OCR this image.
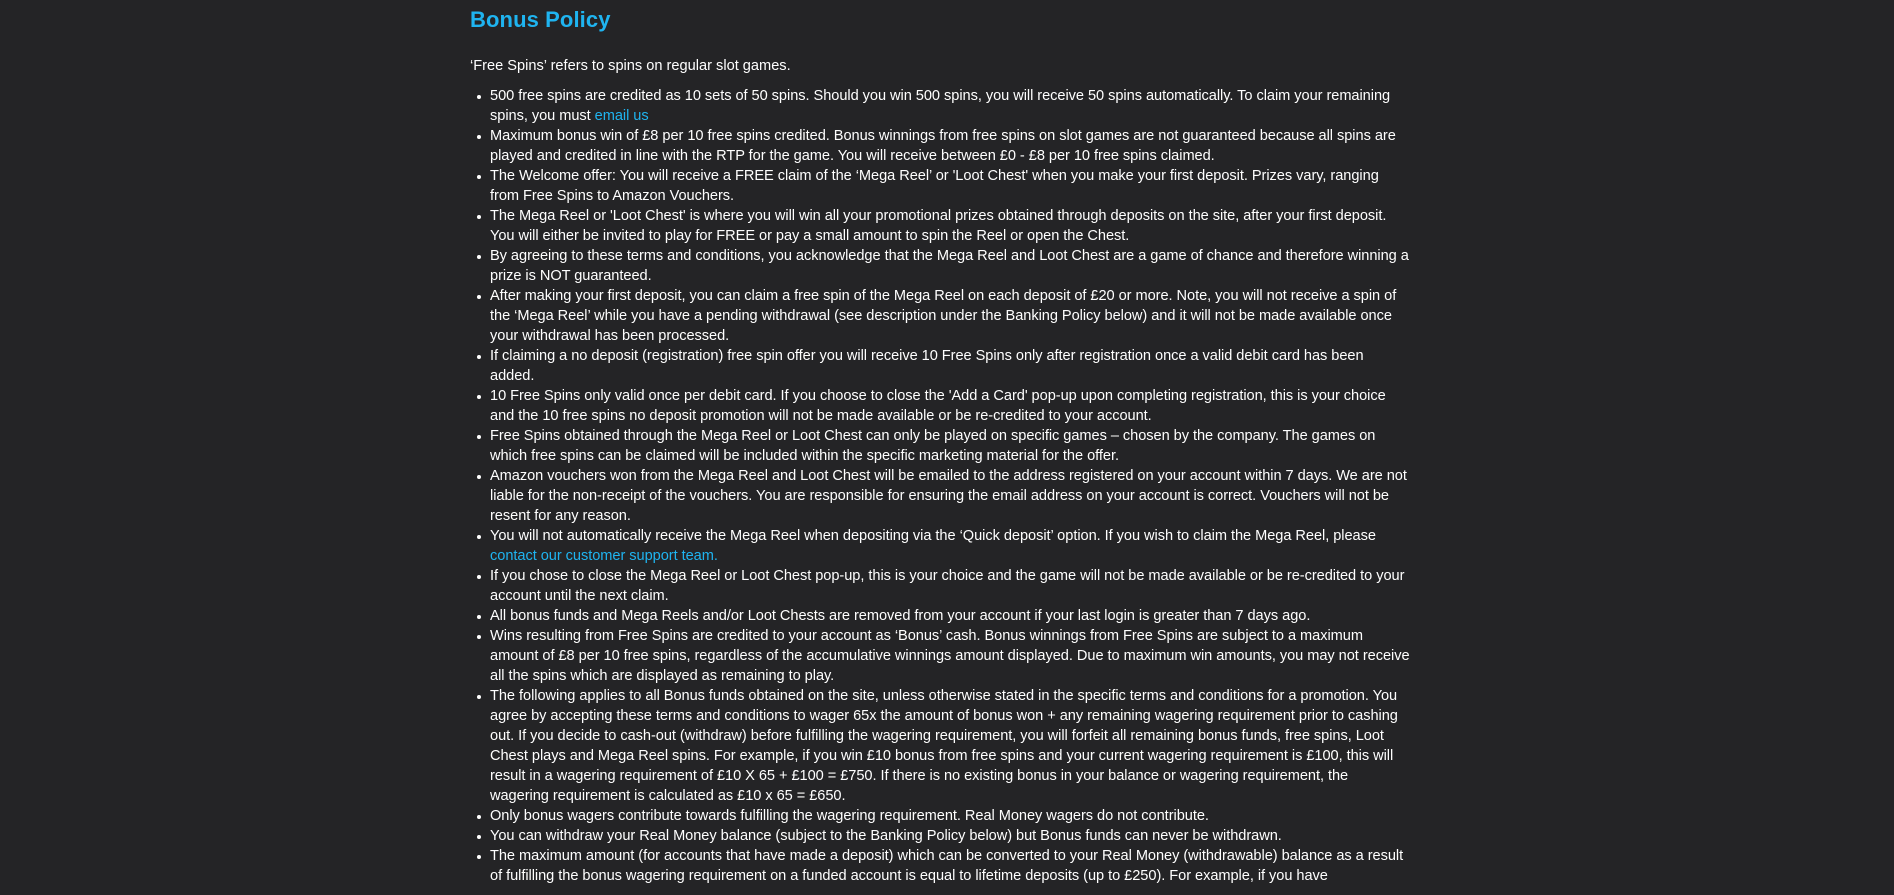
Bonus Policy

‘Free Spins’ refers to spins on regular slot games.

500 free spins are credited as 10 sets of 50 spins. Should you win 500 spins, you will receive 50 spins automatically. To claim your remaining spins, you must email us
Maximum bonus win of £8 per 10 free spins credited. Bonus winnings from free spins on slot games are not guaranteed because all spins are played and credited in line with the RTP for the game. You will receive between £0 - £8 per 10 free spins claimed.
The Welcome offer: You will receive a FREE claim of the ‘Mega Reel’ or 'Loot Chest' when you make your first deposit. Prizes vary, ranging from Free Spins to Amazon Vouchers.
The Mega Reel or 'Loot Chest' is where you will win all your promotional prizes obtained through deposits on the site, after your first deposit. You will either be invited to play for FREE or pay a small amount to spin the Reel or open the Chest.
By agreeing to these terms and conditions, you acknowledge that the Mega Reel and Loot Chest are a game of chance and therefore winning a prize is NOT guaranteed.
After making your first deposit, you can claim a free spin of the Mega Reel on each deposit of £20 or more. Note, you will not receive a spin of the ‘Mega Reel’ while you have a pending withdrawal (see description under the Banking Policy below) and it will not be made available once your withdrawal has been processed.
If claiming a no deposit (registration) free spin offer you will receive 10 Free Spins only after registration once a valid debit card has been added.
10 Free Spins only valid once per debit card. If you choose to close the 'Add a Card' pop-up upon completing registration, this is your choice and the 10 free spins no deposit promotion will not be made available or be re-credited to your account.
Free Spins obtained through the Mega Reel or Loot Chest can only be played on specific games – chosen by the company. The games on which free spins can be claimed will be included within the specific marketing material for the offer.
Amazon vouchers won from the Mega Reel and Loot Chest will be emailed to the address registered on your account within 7 days. We are not liable for the non-receipt of the vouchers. You are responsible for ensuring the email address on your account is correct. Vouchers will not be resent for any reason.
You will not automatically receive the Mega Reel when depositing via the ‘Quick deposit’ option. If you wish to claim the Mega Reel, please contact our customer support team.
If you chose to close the Mega Reel or Loot Chest pop-up, this is your choice and the game will not be made available or be re-credited to your account until the next claim.
All bonus funds and Mega Reels and/or Loot Chests are removed from your account if your last login is greater than 7 days ago.
Wins resulting from Free Spins are credited to your account as ‘Bonus’ cash. Bonus winnings from Free Spins are subject to a maximum amount of £8 per 10 free spins, regardless of the accumulative winnings amount displayed. Due to maximum win amounts, you may not receive all the spins which are displayed as remaining to play.
The following applies to all Bonus funds obtained on the site, unless otherwise stated in the specific terms and conditions for a promotion. You agree by accepting these terms and conditions to wager 65x the amount of bonus won + any remaining wagering requirement prior to cashing out. If you decide to cash-out (withdraw) before fulfilling the wagering requirement, you will forfeit all remaining bonus funds, free spins, Loot Chest plays and Mega Reel spins. For example, if you win £10 bonus from free spins and your current wagering requirement is £100, this will result in a wagering requirement of £10 X 65 + £100 = £750. If there is no existing bonus in your balance or wagering requirement, the wagering requirement is calculated as £10 x 65 = £650.
Only bonus wagers contribute towards fulfilling the wagering requirement. Real Money wagers do not contribute.
You can withdraw your Real Money balance (subject to the Banking Policy below) but Bonus funds can never be withdrawn.
The maximum amount (for accounts that have made a deposit) which can be converted to your Real Money (withdrawable) balance as a result of fulfilling the bonus wagering requirement on a funded account is equal to lifetime deposits (up to £250). For example, if you have
